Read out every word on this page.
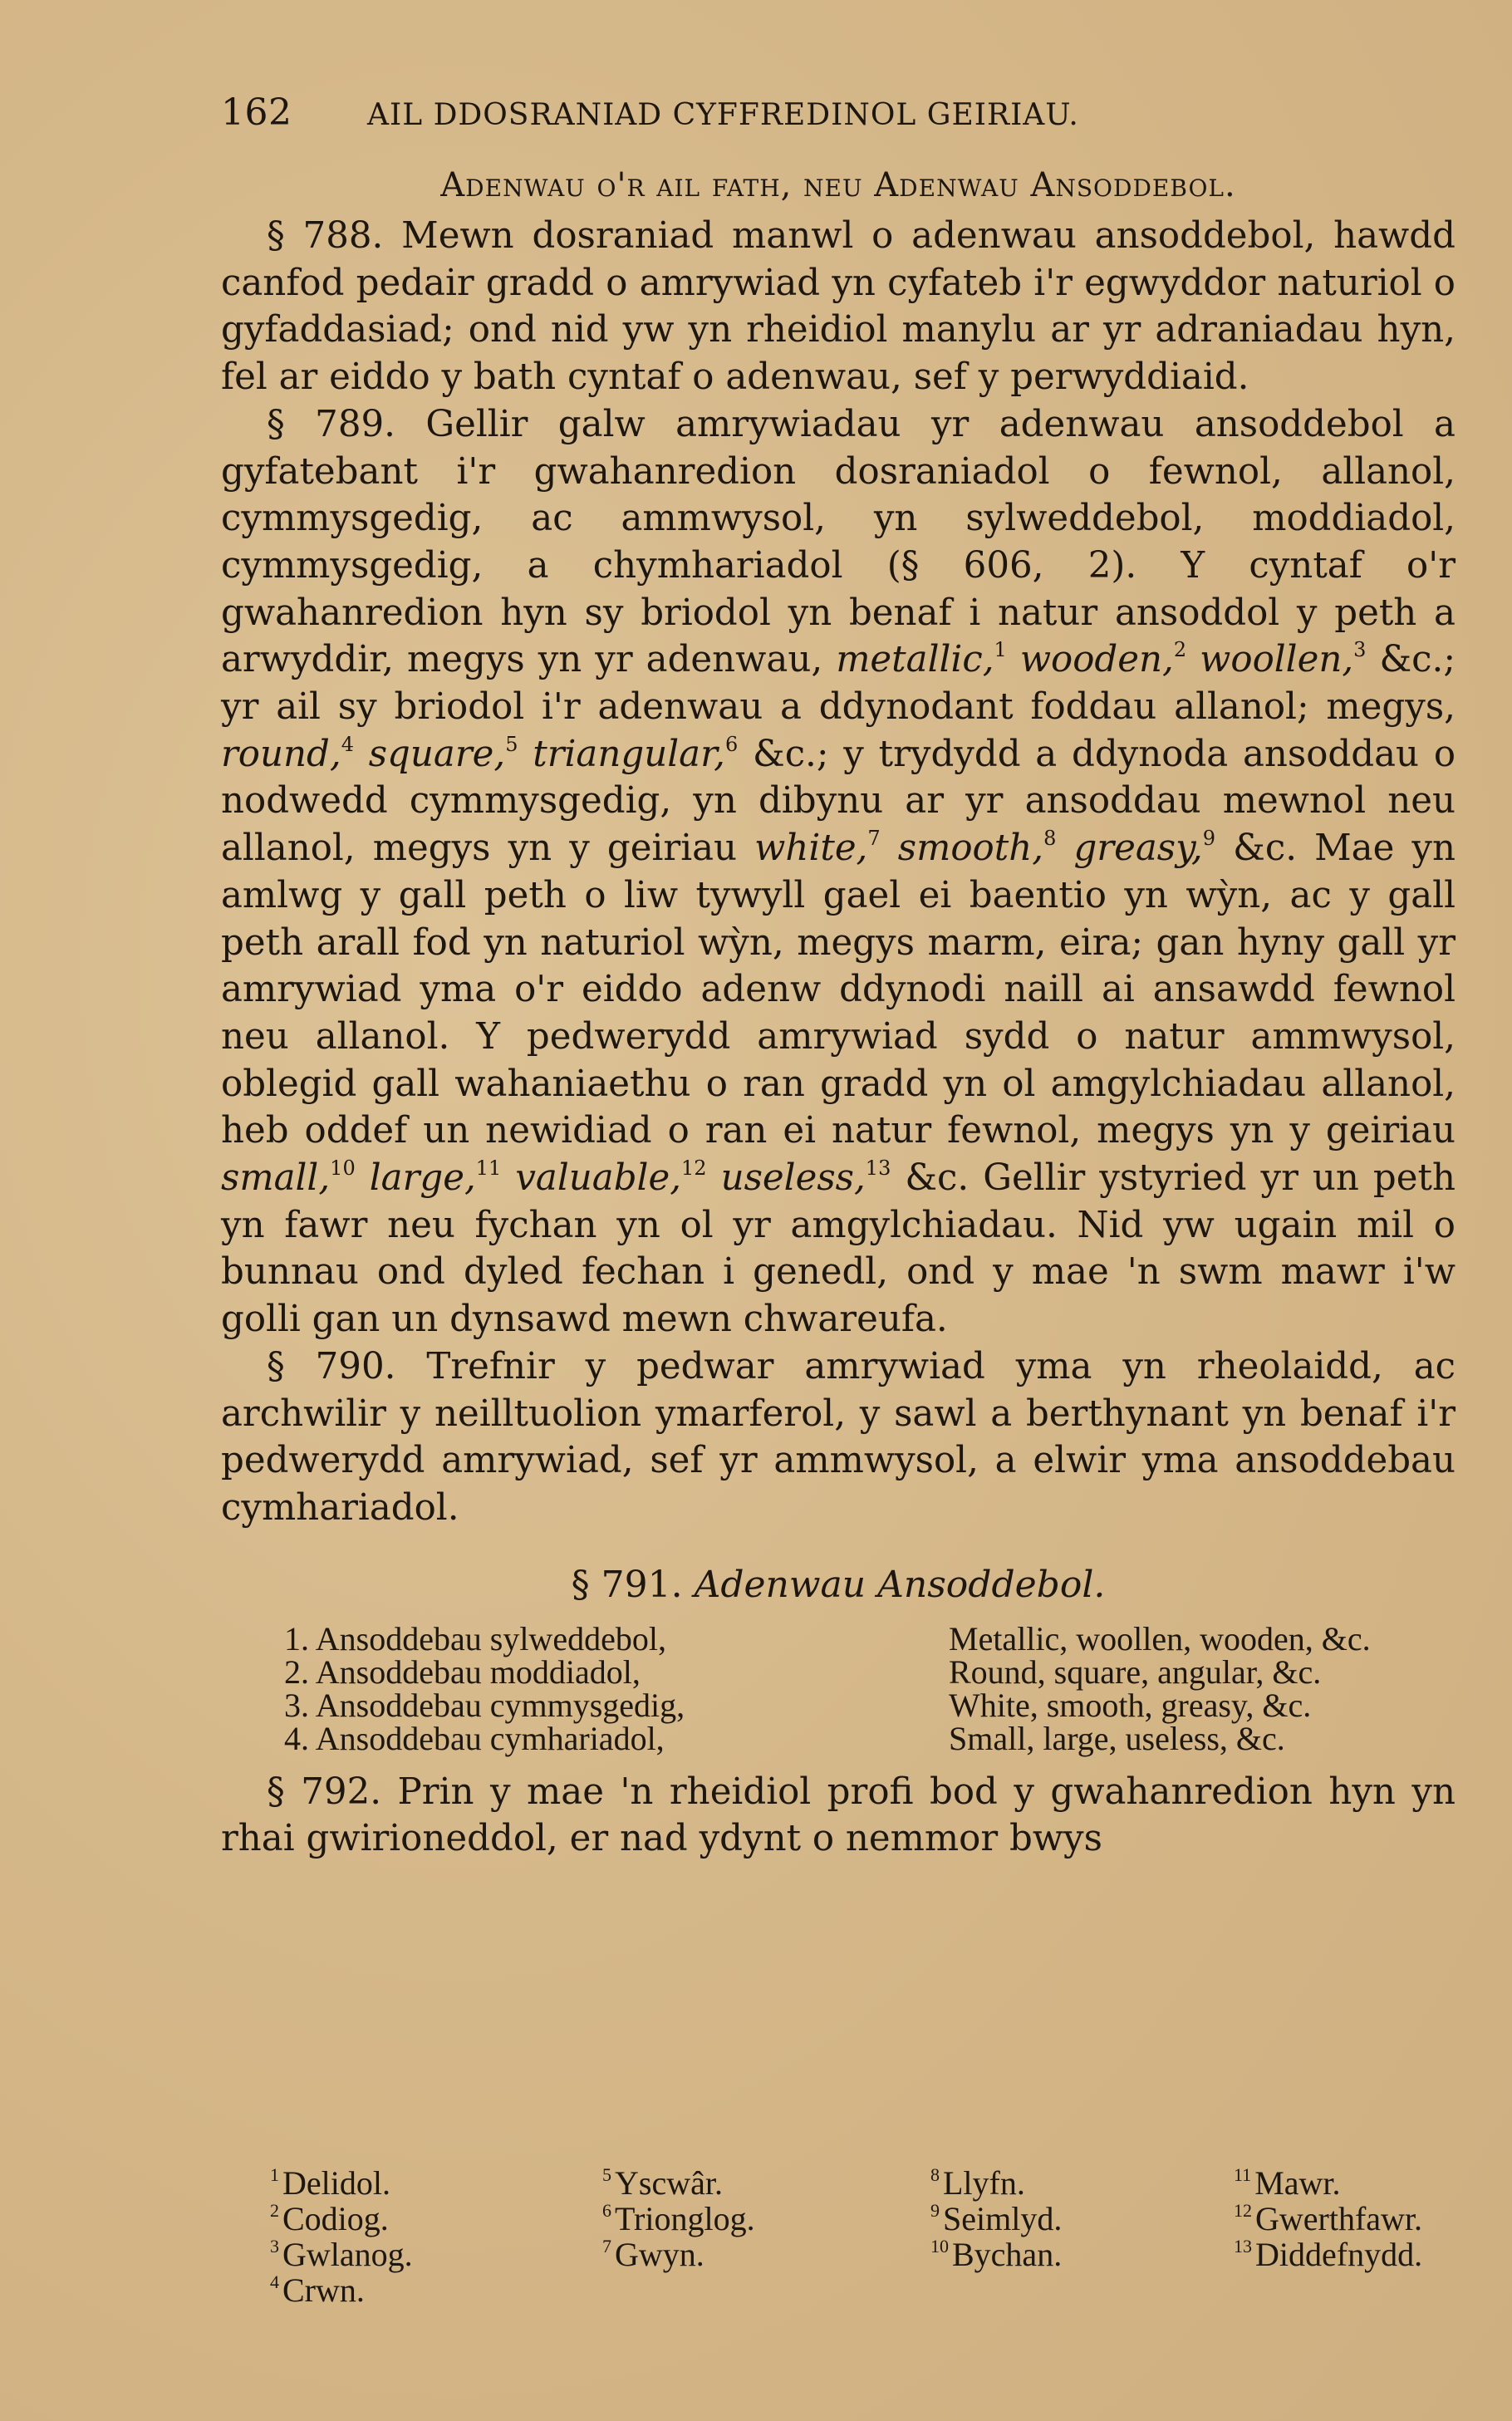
162	AIL DDOSRANIAD CYFFREDINOL GEIRIAU.
Adenwau o'r ail fath, neu Adenwau Ansoddebol.

§ 788. Mewn dosraniad manwl o adenwau ansoddebol, hawdd canfod pedair gradd o amrywiad yn cyfateb i'r egwyddor naturiol o gyfaddasiad; ond nid yw yn rheidiol manylu ar yr adraniadau hyn, fel ar eiddo y bath cyntaf o adenwau, sef y perwyddiaid.

§ 789. Gellir galw amrywiadau yr adenwau ansoddebol a gyfatebant i'r gwahanredion dosraniadol o fewnol, allanol, cymmysgedig, ac ammwysol, yn sylweddebol, moddiadol, cymmysgedig, a chymhariadol (§ 606, 2). Y cyntaf o'r gwahanredion hyn sy briodol yn benaf i natur ansoddol y peth a arwyddir, megys yn yr adenwau, metallic,$^1$ wooden,$^2$ woollen,$^3$ &c.; yr ail sy briodol i'r adenwau a ddynodant foddau allanol; megys, round,$^4$ square,$^5$ triangular,$^6$ &c.; y trydydd a ddynoda ansoddau o nodwedd cymmysgedig, yn dibynu ar yr ansoddau mewnol neu allanol, megys yn y geiriau white,$^7$ smooth,$^8$ greasy,$^9$ &c. Mae yn amlwg y gall peth o liw tywyll gael ei baentio yn wỳn, ac y gall peth arall fod yn naturiol wỳn, megys marm, eira; gan hyny gall yr amrywiad yma o'r eiddo adenw ddynodi naill ai ansawdd fewnol neu allanol. Y pedwerydd amrywiad sydd o natur ammwysol, oblegid gall wahaniaethu o ran gradd yn ol amgylchiadau allanol, heb oddef un newidiad o ran ei natur fewnol, megys yn y geiriau small,$^{10}$ large,$^{11}$ valuable,$^{12}$ useless,$^{13}$ &c. Gellir ystyried yr un peth yn fawr neu fychan yn ol yr amgylchiadau. Nid yw ugain mil o bunnau ond dyled fechan i genedl, ond y mae 'n swm mawr i'w golli gan un dynsawd mewn chwareufa.

§ 790. Trefnir y pedwar amrywiad yma yn rheolaidd, ac archwilir y neilltuolion ymarferol, y sawl a berthynant yn benaf i'r pedwerydd amrywiad, sef yr ammwysol, a elwir yma ansoddebau cymhariadol.

§ 791. Adenwau Ansoddebol.
1. Ansoddebau sylweddebol,	Metallic, woollen, wooden, &c.
2. Ansoddebau moddiadol,	Round, square, angular, &c.
3. Ansoddebau cymmysgedig,	White, smooth, greasy, &c.
4. Ansoddebau cymhariadol,	Small, large, useless, &c.

§ 792. Prin y mae 'n rheidiol profi bod y gwahanredion hyn yn rhai gwirioneddol, er nad ydynt o nemmor bwys

$^1$ Delidol.
$^2$ Codiog.
$^3$ Gwlanog.
$^4$ Crwn.
$^5$ Yscwâr.
$^6$ Trionglog.
$^7$ Gwyn.
$^8$ Llyfn.
$^9$ Seimlyd.
$^{10}$ Bychan.
$^{11}$ Mawr.
$^{12}$ Gwerthfawr.
$^{13}$ Diddefnydd.
